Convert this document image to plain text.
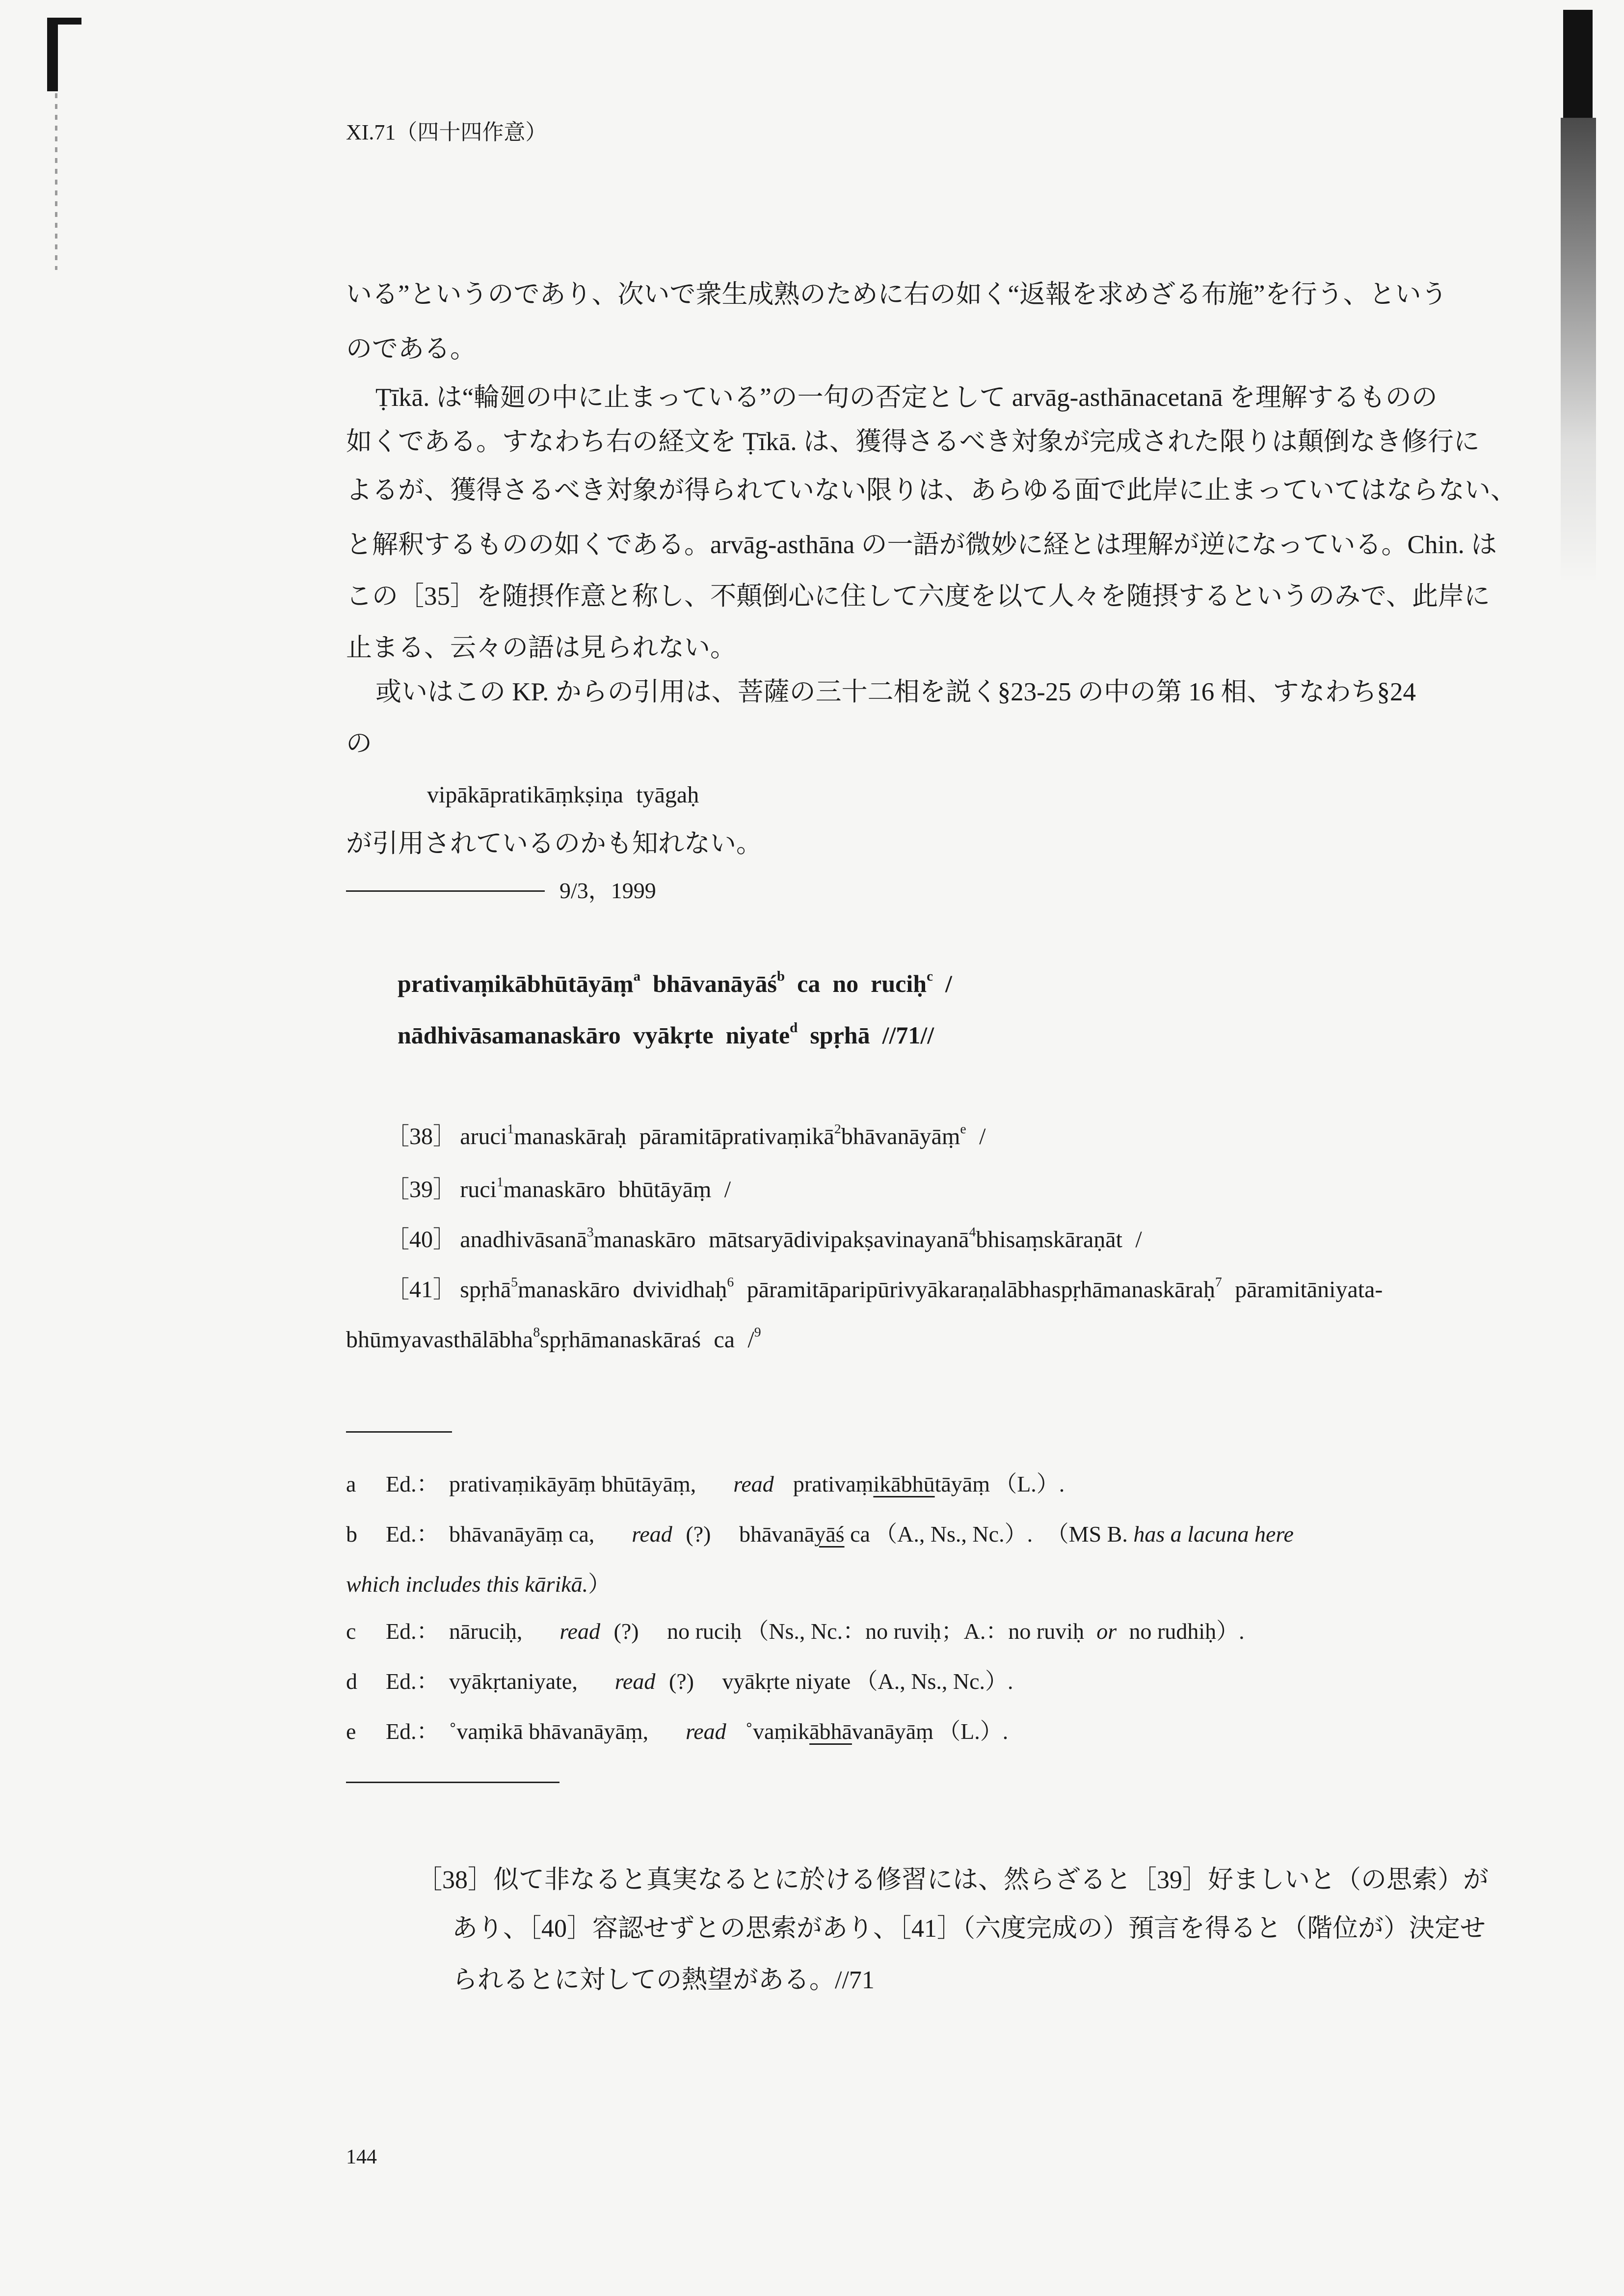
XI.71（四十四作意）
いる”というのであり、次いで衆生成熟のために右の如く“返報を求めざる布施”を行う、という
のである。
Ṭīkā. は“輪廻の中に止まっている”の一句の否定として arvāg-asthānacetanā を理解するものの
如くである。すなわち右の経文を Ṭīkā. は、獲得さるべき対象が完成された限りは顛倒なき修行に
よるが、獲得さるべき対象が得られていない限りは、あらゆる面で此岸に止まっていてはならない、
と解釈するものの如くである。arvāg-asthāna の一語が微妙に経とは理解が逆になっている。Chin. は
この［35］を随摂作意と称し、不顛倒心に住して六度を以て人々を随摂するというのみで、此岸に
止まる、云々の語は見られない。
或いはこの KP. からの引用は、菩薩の三十二相を説く§23-25 の中の第 16 相、すなわち§24
の
vipākāpratikāṃkṣiṇa tyāgaḥ
が引用されているのかも知れない。
9/3，1999
prativaṃikābhūtāyāṃ$^a$ bhāvanāyāś$^b$ ca no ruciḥ$^c$ /
nādhivāsamanaskāro vyākṛte niyate$^d$ spṛhā //71//
［38］ aruci$^1$manaskāraḥ pāramitāprativaṃikā$^2$bhāvanāyāṃ$^e$ /
［39］ ruci$^1$manaskāro bhūtāyāṃ /
［40］ anadhivāsanā$^3$manaskāro mātsaryādivipakṣavinayanā$^4$bhisaṃskāraṇāt /
［41］ spṛhā$^5$manaskāro dvividhaḥ$^6$ pāramitāparipūrivyākaraṇalābhaspṛhāmanaskāraḥ$^7$ pāramitāniyata-
bhūmyavasthālābha$^8$spṛhāmanaskāraś ca /$^9$
a Ed.： prativaṃikāyāṃ bhūtāyāṃ, read prativaṃikābhūtāyāṃ （L.）.
b Ed.： bhāvanāyāṃ ca, read (?) bhāvanāyāś ca （A., Ns., Nc.）. （MS B. has a lacuna here
which includes this kārikā.）
c Ed.： nāruciḥ, read (?) no ruciḥ （Ns., Nc.：no ruviḥ；A.：no ruviḥ or no rudhiḥ）.
d Ed.： vyākṛtaniyate, read (?) vyākṛte niyate （A., Ns., Nc.）.
e Ed.： ˚vaṃikā bhāvanāyāṃ, read ˚vaṃikābhāvanāyāṃ （L.）.
［38］似て非なると真実なるとに於ける修習には、然らざると［39］好ましいと（の思索）が
あり、［40］容認せずとの思索があり、［41］（六度完成の）預言を得ると（階位が）決定せ
られるとに対しての熱望がある。//71
144
